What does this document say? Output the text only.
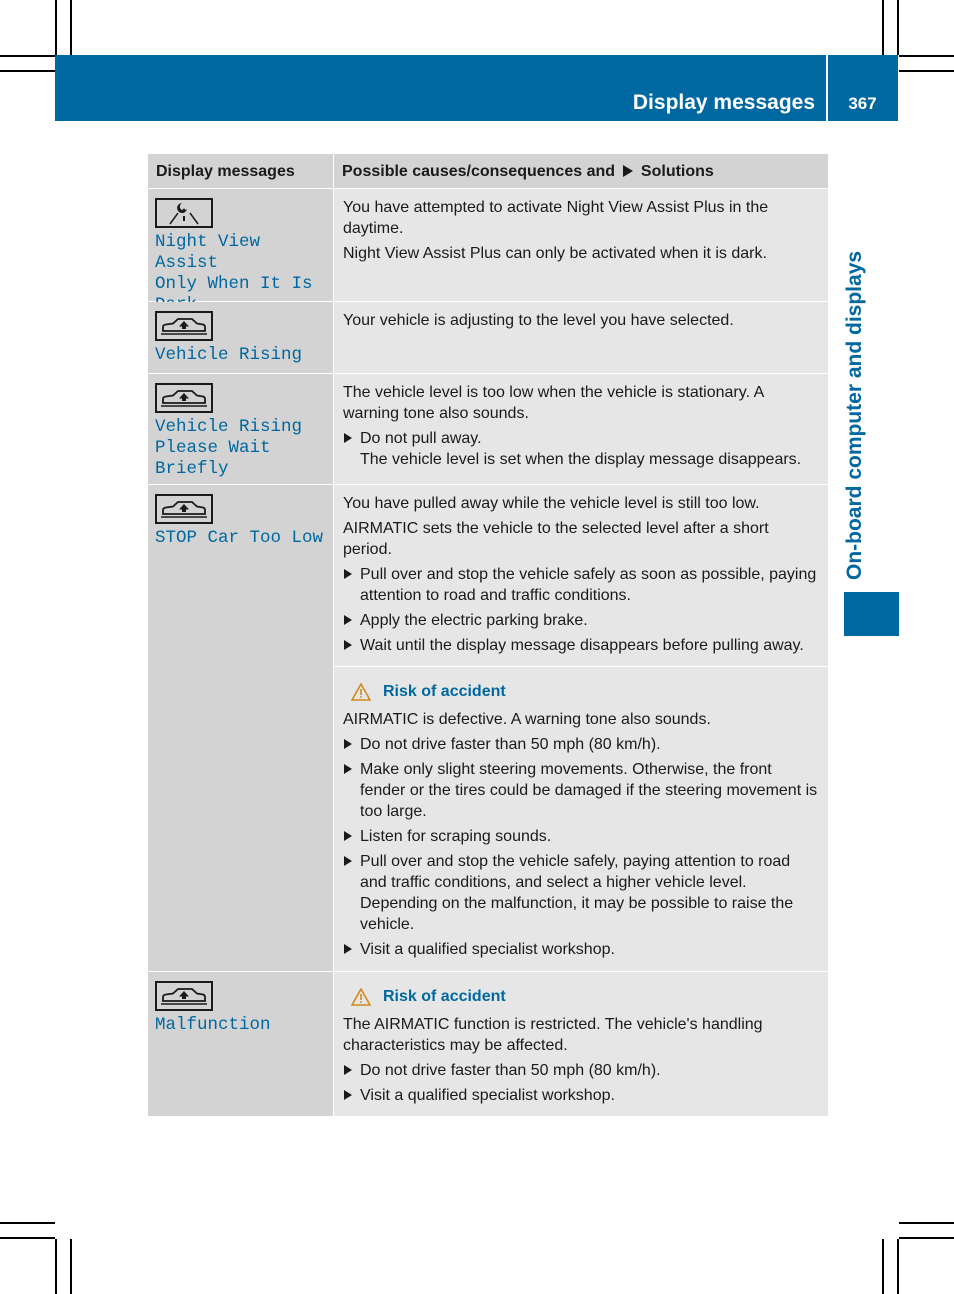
Display messages	367
On-board computer and displays
Display messages	Possible causes/consequences and Solutions
Night View Assist
Only When It Is

You have attempted to activate Night View Assist Plus in the daytime.

Night View Assist Plus can only be activated when it is dark.

Vehicle Rising

Your vehicle is adjusting to the level you have selected.

Vehicle Rising
Please Wait Briefly

The vehicle level is too low when the vehicle is stationary. A warning tone also sounds.

Do not pull away.
The vehicle level is set when the display message disappears.
STOP Car Too Low

You have pulled away while the vehicle level is still too low.

AIRMATIC sets the vehicle to the selected level after a short period.

Pull over and stop the vehicle safely as soon as possible, paying attention to road and traffic conditions.
Apply the electric parking brake.
Wait until the display message disappears before pulling away.
Risk of accident

AIRMATIC is defective. A warning tone also sounds.

Do not drive faster than 50 mph (80 km/h).
Make only slight steering movements. Otherwise, the front fender or the tires could be damaged if the steering movement is too large.
Listen for scraping sounds.
Pull over and stop the vehicle safely, paying attention to road and traffic conditions, and select a higher vehicle level. Depending on the malfunction, it may be possible to raise the vehicle.
Visit a qualified specialist workshop.
Malfunction
Risk of accident

The AIRMATIC function is restricted. The vehicle's handling characteristics may be affected.

Do not drive faster than 50 mph (80 km/h).
Visit a qualified specialist workshop.
